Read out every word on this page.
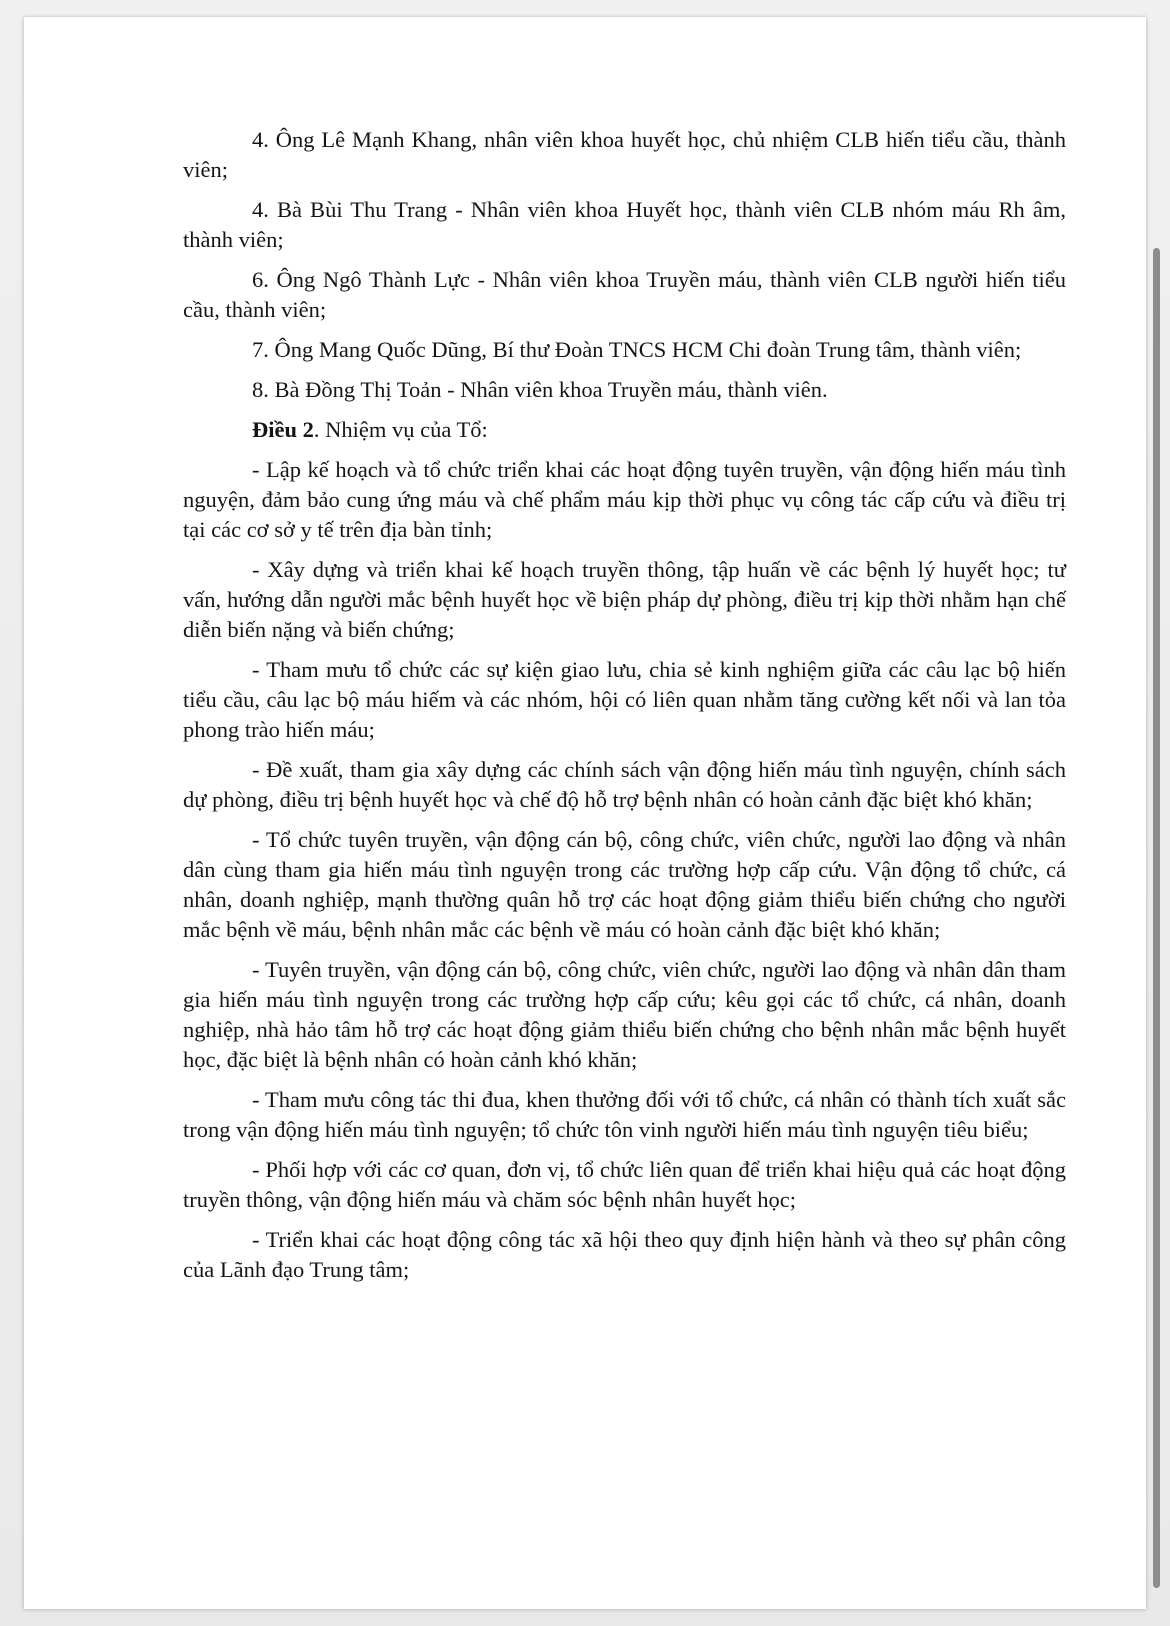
4. Ông Lê Mạnh Khang, nhân viên khoa huyết học, chủ nhiệm CLB hiến tiểu cầu, thành viên;

4. Bà Bùi Thu Trang - Nhân viên khoa Huyết học, thành viên CLB nhóm máu Rh âm, thành viên;

6. Ông Ngô Thành Lực - Nhân viên khoa Truyền máu, thành viên CLB người hiến tiểu cầu, thành viên;

7. Ông Mang Quốc Dũng, Bí thư Đoàn TNCS HCM Chi đoàn Trung tâm, thành viên;

8. Bà Đồng Thị Toản - Nhân viên khoa Truyền máu, thành viên.

Điều 2. Nhiệm vụ của Tổ:

- Lập kế hoạch và tổ chức triển khai các hoạt động tuyên truyền, vận động hiến máu tình nguyện, đảm bảo cung ứng máu và chế phẩm máu kịp thời phục vụ công tác cấp cứu và điều trị tại các cơ sở y tế trên địa bàn tỉnh;

- Xây dựng và triển khai kế hoạch truyền thông, tập huấn về các bệnh lý huyết học; tư vấn, hướng dẫn người mắc bệnh huyết học về biện pháp dự phòng, điều trị kịp thời nhằm hạn chế diễn biến nặng và biến chứng;

- Tham mưu tổ chức các sự kiện giao lưu, chia sẻ kinh nghiệm giữa các câu lạc bộ hiến tiểu cầu, câu lạc bộ máu hiếm và các nhóm, hội có liên quan nhằm tăng cường kết nối và lan tỏa phong trào hiến máu;

- Đề xuất, tham gia xây dựng các chính sách vận động hiến máu tình nguyện, chính sách dự phòng, điều trị bệnh huyết học và chế độ hỗ trợ bệnh nhân có hoàn cảnh đặc biệt khó khăn;

- Tổ chức tuyên truyền, vận động cán bộ, công chức, viên chức, người lao động và nhân dân cùng tham gia hiến máu tình nguyện trong các trường hợp cấp cứu. Vận động tổ chức, cá nhân, doanh nghiệp, mạnh thường quân hỗ trợ các hoạt động giảm thiểu biến chứng cho người mắc bệnh về máu, bệnh nhân mắc các bệnh về máu có hoàn cảnh đặc biệt khó khăn;

- Tuyên truyền, vận động cán bộ, công chức, viên chức, người lao động và nhân dân tham gia hiến máu tình nguyện trong các trường hợp cấp cứu; kêu gọi các tổ chức, cá nhân, doanh nghiệp, nhà hảo tâm hỗ trợ các hoạt động giảm thiểu biến chứng cho bệnh nhân mắc bệnh huyết học, đặc biệt là bệnh nhân có hoàn cảnh khó khăn;

- Tham mưu công tác thi đua, khen thưởng đối với tổ chức, cá nhân có thành tích xuất sắc trong vận động hiến máu tình nguyện; tổ chức tôn vinh người hiến máu tình nguyện tiêu biểu;

- Phối hợp với các cơ quan, đơn vị, tổ chức liên quan để triển khai hiệu quả các hoạt động truyền thông, vận động hiến máu và chăm sóc bệnh nhân huyết học;

- Triển khai các hoạt động công tác xã hội theo quy định hiện hành và theo sự phân công của Lãnh đạo Trung tâm;
